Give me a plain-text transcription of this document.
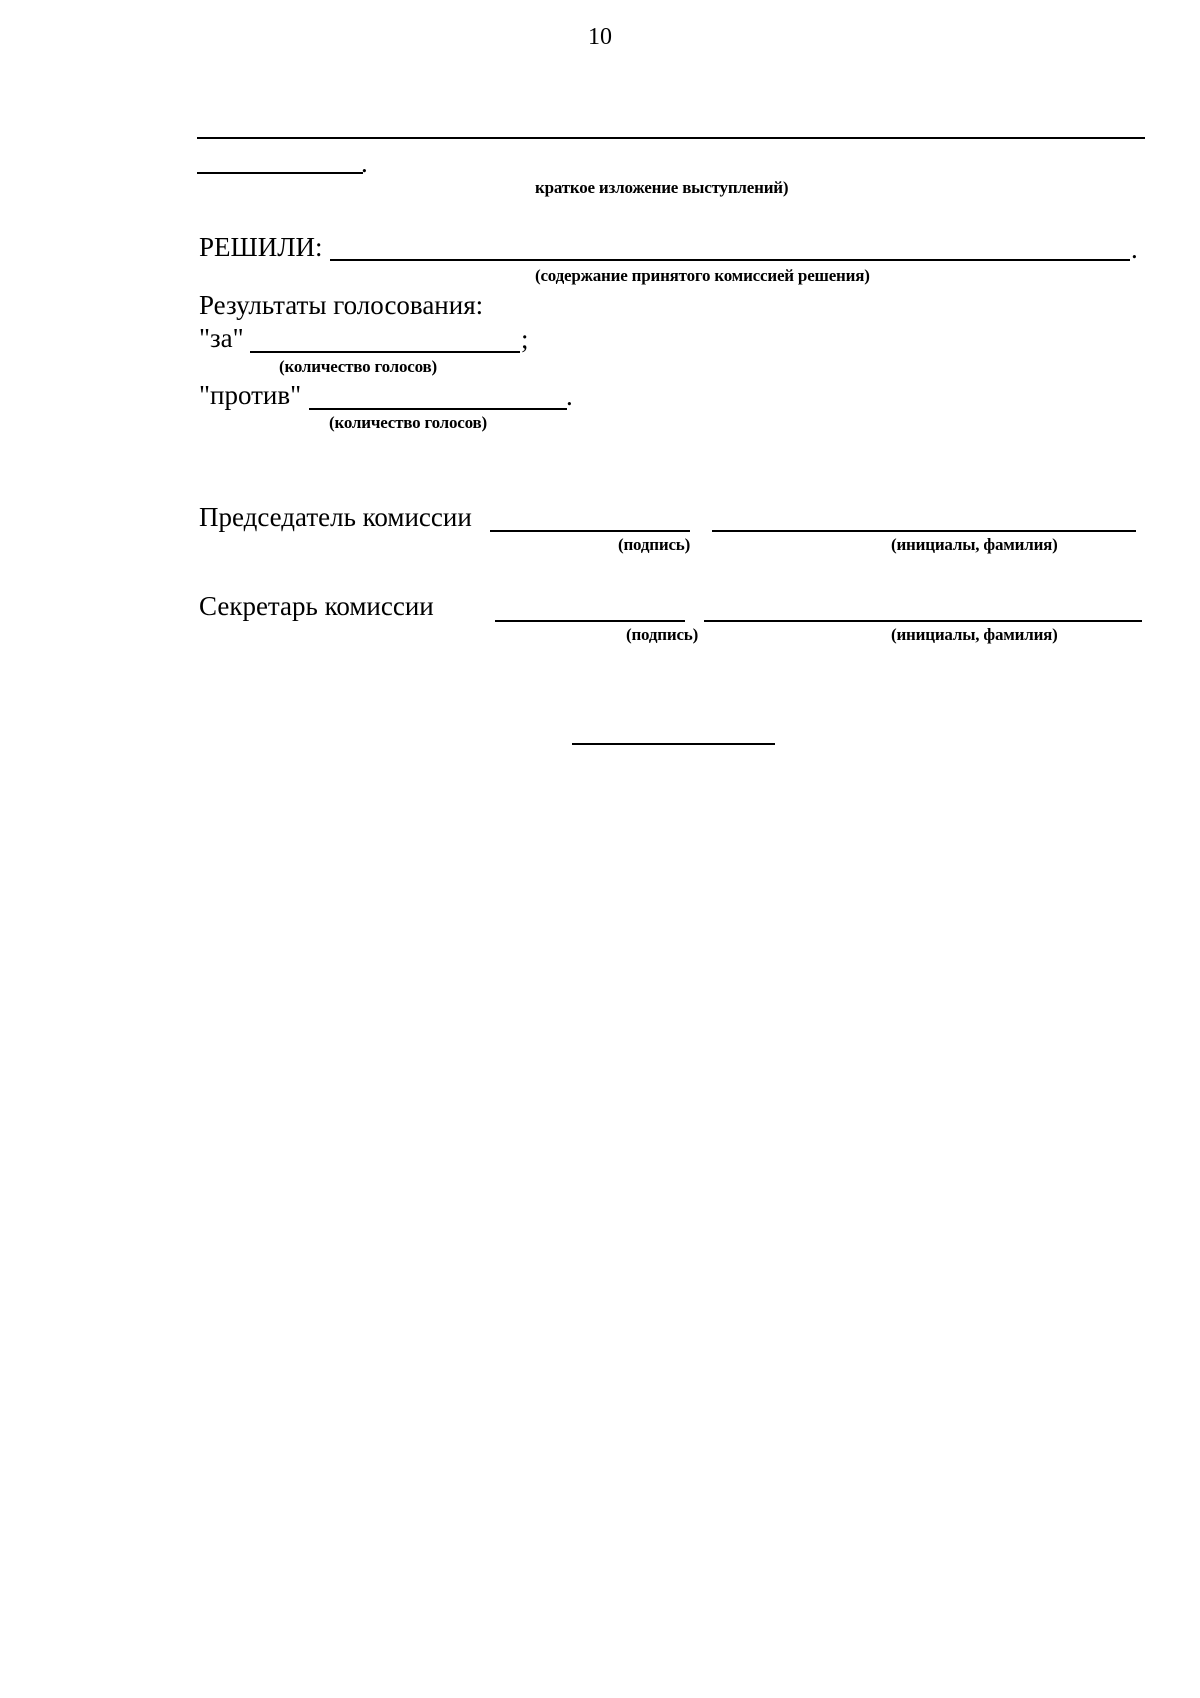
10
.
краткое изложение выступлений)
РЕШИЛИ:	.
(содержание принятого комиссией решения)
Результаты голосования:
"за"	;
(количество голосов)
"против"	.
(количество голосов)
Председатель комиссии
(подпись)	(инициалы, фамилия)
Секретарь комиссии
(подпись)	(инициалы, фамилия)
